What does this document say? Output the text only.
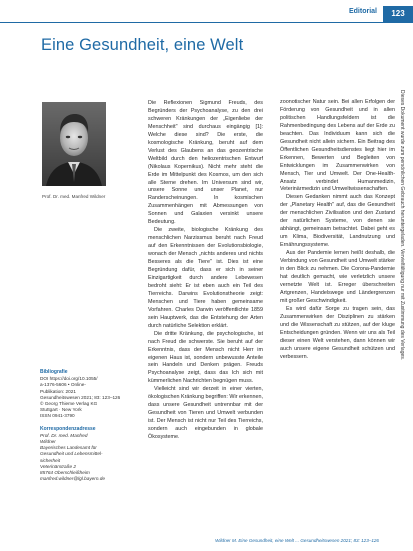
Editorial	123
Eine Gesundheit, eine Welt
Prof. Dr. med. Manfred Wildner
Bibliografie
DOI https://doi.org/10.1055/
a-1376-5606 • Online-
Publikation: 2021
Gesundheitswesen 2021; 83: 123–126
© Georg Thieme Verlag KG
Stuttgart · New York
ISSN 0941-3790
Korrespondenzadresse
Prof. Dr. med. Manfred
Wildner
Bayerisches Landesamt für
Gesundheit und Lebensmittel-
sicherheit
Veterinärstraße 2
85764 Oberschleißheim
manfred.wildner@lgl.bayern.de

Die Reflexionen Sigmund Freuds, des Begründers der Psychoanalyse, zu den drei schweren Kränkungen der „Eigenliebe der Menschheit" sind durchaus eingängig [1]: Welche diese sind? Die erste, die kosmologische Kränkung, beruht auf dem Verlust des Glaubens an das geozentrische Weltbild durch den heliozentrischen Entwurf (Nikolaus Kopernikus). Nicht mehr steht die Erde im Mittelpunkt des Kosmos, um den sich alle Sterne drehen. Im Universum sind wir, unsere Sonne und unser Planet, nur Randerscheinungen. In kosmischen Zusammenhängen mit Abmessungen von Sonnen und Galaxien versinkt unsere Bedeutung.

Die zweite, biologische Kränkung des menschlichen Narzissmus beruht nach Freud auf den Erkenntnissen der Evolutionsbiologie, wonach der Mensch „nichts anderes und nichts Besseres als die Tiere" ist. Dies ist eine Begründung dafür, dass er sich in seiner Einzigartigkeit durch andere Lebewesen bedroht sieht: Er ist eben auch ein Teil des Tierreichs. Darwins Evolutionstheorie zeigt: Menschen und Tiere haben gemeinsame Vorfahren. Charles Darwin veröffentlichte 1859 sein Hauptwerk, das die Entstehung der Arten durch natürliche Selektion erklärt.

Die dritte Kränkung, die psychologische, ist nach Freud die schwerste. Sie beruht auf der Erkenntnis, dass der Mensch nicht Herr im eigenen Haus ist, sondern unbewusste Anteile sein Handeln und Denken prägen. Freuds Psychoanalyse zeigt, dass das Ich sich mit kümmerlichen Nachrichten begnügen muss.

Vielleicht sind wir derzeit in einer vierten, ökologischen Kränkung begriffen: Wir erkennen, dass unsere Gesundheit untrennbar mit der Gesundheit von Tieren und Umwelt verbunden ist. Der Mensch ist nicht nur Teil des Tierreichs, sondern auch eingebunden in globale Ökosysteme.

zoonotischer Natur sein. Bei allen Erfolgen der Förderung von Gesundheit und in allen politischen Handlungsfeldern ist die Rahmenbedingung des Lebens auf der Erde zu beachten. Das Individuum kann sich die Gesundheit nicht allein sichern. Ein Beitrag des Öffentlichen Gesundheitsdienstes liegt hier im Erkennen, Bewerten und Begleiten von Entwicklungen im Zusammenwirken von Mensch, Tier und Umwelt. Der One-Health-Ansatz verbindet Humanmedizin, Veterinärmedizin und Umweltwissenschaften.

Diesen Gedanken nimmt auch das Konzept der „Planetary Health" auf, das die Gesundheit der menschlichen Zivilisation und den Zustand der natürlichen Systeme, von denen sie abhängt, gemeinsam betrachtet. Dabei geht es um Klima, Biodiversität, Landnutzung und Ernährungssysteme.

Aus der Pandemie lernen heißt deshalb, die Verbindung von Gesundheit und Umwelt stärker in den Blick zu nehmen. Die Corona-Pandemie hat deutlich gemacht, wie verletzlich unsere vernetzte Welt ist. Erreger überschreiten Artgrenzen, Handelswege und Ländergrenzen mit großer Geschwindigkeit.

Es wird dafür Sorge zu tragen sein, das Zusammenwirken der Disziplinen zu stärken und die Wissenschaft zu stützen, auf der kluge Entscheidungen gründen. Wenn wir uns als Teil dieser einen Welt verstehen, dann können wir auch unsere eigene Gesundheit schützen und verbessern.	Dieses Dokument wurde zum persönlichen Gebrauch heruntergeladen. Vervielfältigung nur mit Zustimmung des Verlages.
Wildner M. Eine Gesundheit, eine Welt ... Gesundheitswesen 2021; 83: 123–126
